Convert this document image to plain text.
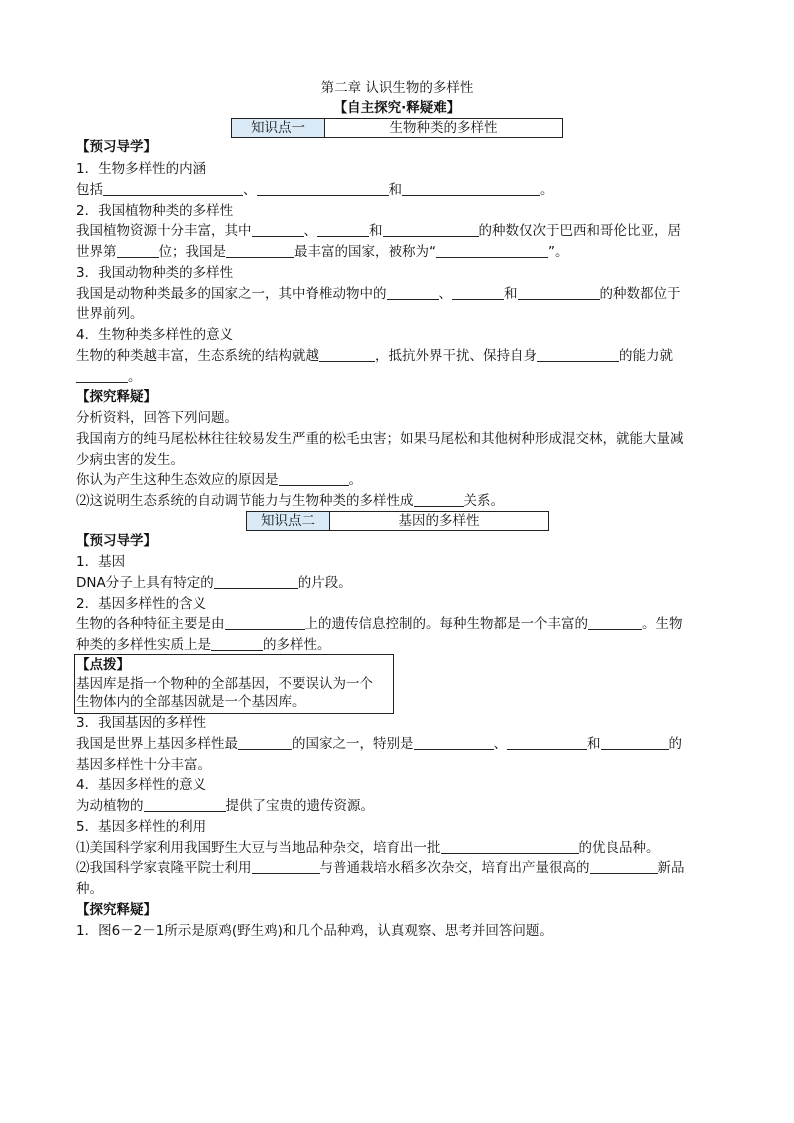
第二章 认识生物的多样性
【自主探究·释疑难】
知识点一	生物种类的多样性
【预习导学】
1．生物多样性的内涵
包括	、	和	。
2．我国植物种类的多样性
我国植物资源十分丰富，其中	、	和	的种数仅次于巴西和哥伦比亚，居
世界第	位；我国是	最丰富的国家，被称为“	”。
3．我国动物种类的多样性
我国是动物种类最多的国家之一，其中脊椎动物中的	、	和	的种数都位于
世界前列。
4．生物种类多样性的意义
生物的种类越丰富，生态系统的结构就越	，抵抗外界干扰、保持自身	的能力就
。
【探究释疑】
分析资料，回答下列问题。
我国南方的纯马尾松林往往较易发生严重的松毛虫害；如果马尾松和其他树种形成混交林，就能大量减
少病虫害的发生。
你认为产生这种生态效应的原因是	。
⑵这说明生态系统的自动调节能力与生物种类的多样性成	关系。
知识点二	基因的多样性
【预习导学】
1．基因
DNA分子上具有特定的	的片段。
2．基因多样性的含义
生物的各种特征主要是由	上的遗传信息控制的。每种生物都是一个丰富的	。生物
种类的多样性实质上是	的多样性。
【点拨】
基因库是指一个物种的全部基因，不要误认为一个
生物体内的全部基因就是一个基因库。
3．我国基因的多样性
我国是世界上基因多样性最	的国家之一，特别是	、	和	的
基因多样性十分丰富。
4．基因多样性的意义
为动植物的	提供了宝贵的遗传资源。
5．基因多样性的利用
⑴美国科学家利用我国野生大豆与当地品种杂交，培育出一批	的优良品种。
⑵我国科学家袁隆平院士利用	与普通栽培水稻多次杂交，培育出产量很高的	新品
种。
【探究释疑】
1．图6－2－1所示是原鸡(野生鸡)和几个品种鸡，认真观察、思考并回答问题。
